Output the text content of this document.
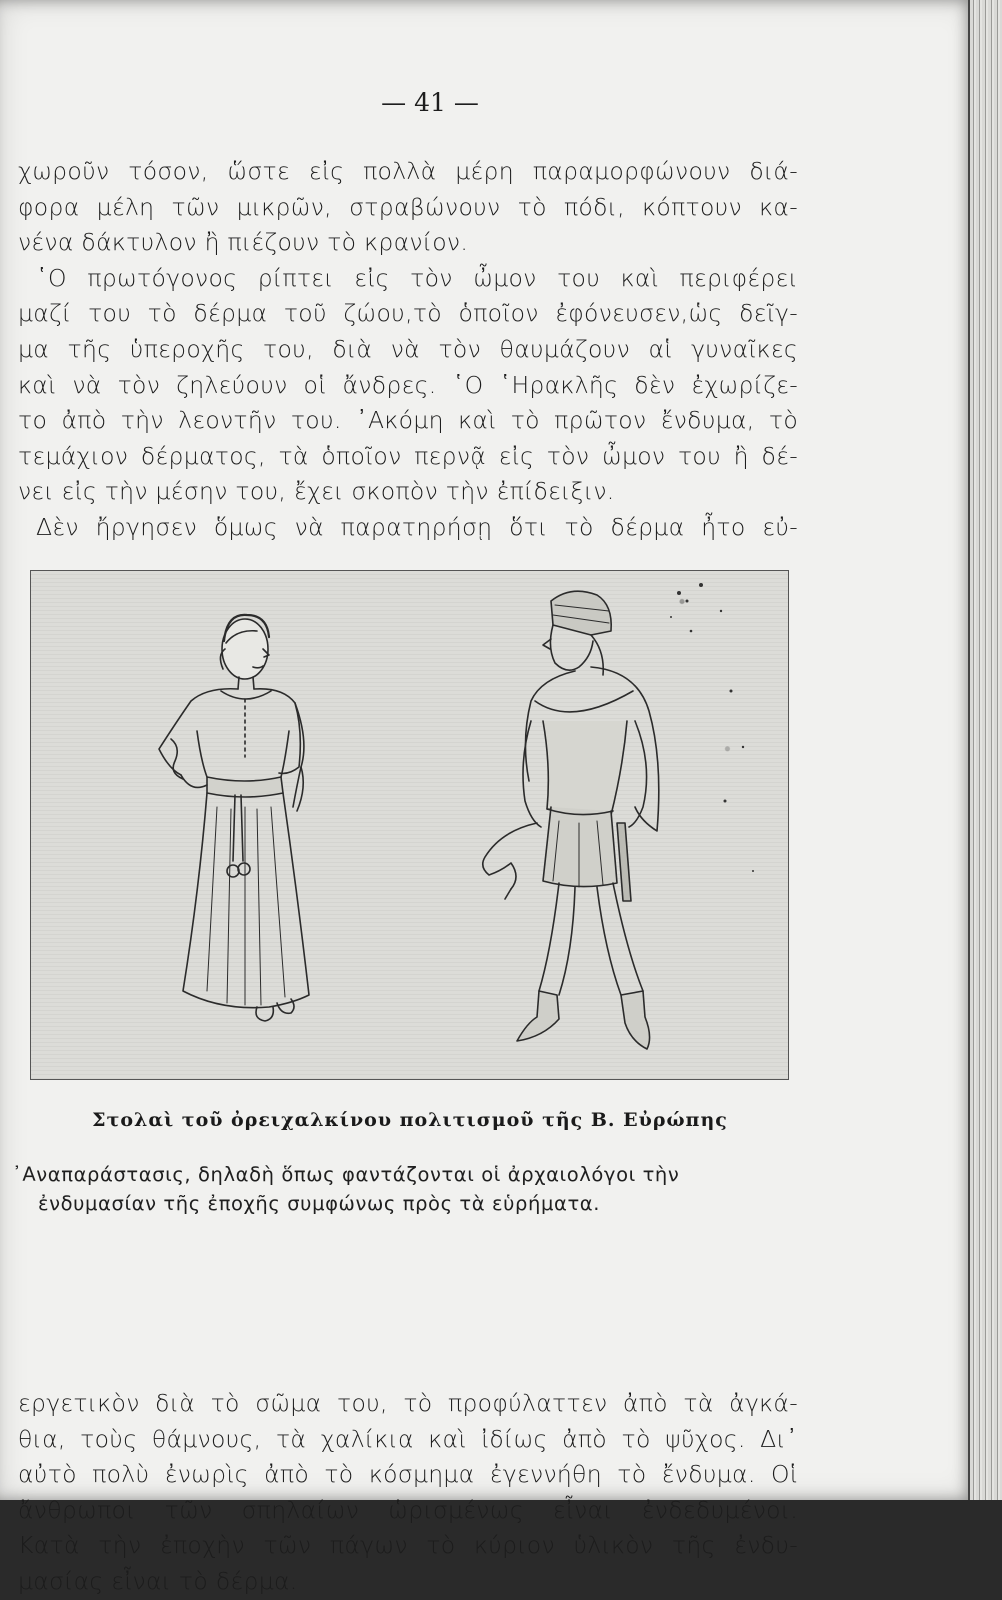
— 41 —
χωροῦν τόσον, ὥστε εἰς πολλὰ μέρη παραμορφώνουν διά-
φορα μέλη τῶν μικρῶν, στραβώνουν τὸ πόδι, κόπτουν κα-
νένα δάκτυλον ἢ πιέζουν τὸ κρανίον.
῾Ο πρωτόγονος ρίπτει εἰς τὸν ὦμον του καὶ περιφέρει
μαζί του τὸ δέρμα τοῦ ζώου,τὸ ὁποῖον ἐφόνευσεν,ὡς δεῖγ-
μα τῆς ὑπεροχῆς του, διὰ νὰ τὸν θαυμάζουν αἱ γυναῖκες
καὶ νὰ τὸν ζηλεύουν οἱ ἄνδρες. ῾Ο ῾Ηρακλῆς δὲν ἐχωρίζε-
το ἀπὸ τὴν λεοντῆν του. ᾿Ακόμη καὶ τὸ πρῶτον ἔνδυμα, τὸ
τεμάχιον δέρματος, τὰ ὁποῖον περνᾷ εἰς τὸν ὦμον του ἢ δέ-
νει εἰς τὴν μέσην του, ἔχει σκοπὸν τὴν ἐπίδειξιν.
Δὲν ἤργησεν ὅμως νὰ παρατηρήσῃ ὅτι τὸ δέρμα ἦτο εὐ-
Στολαὶ τοῦ ὀρειχαλκίνου πολιτισμοῦ τῆς Β. Εὐρώπης
᾿Αναπαράστασις, δηλαδὴ ὅπως φαντάζονται οἱ ἀρχαιολόγοι τὴν
ἐνδυμασίαν τῆς ἐποχῆς συμφώνως πρὸς τὰ εὑρήματα.
εργετικὸν διὰ τὸ σῶμα του, τὸ προφύλαττεν ἀπὸ τὰ ἀγκά-
θια, τοὺς θάμνους, τὰ χαλίκια καὶ ἰδίως ἀπὸ τὸ ψῦχος. Δι᾿
αὐτὸ πολὺ ἐνωρὶς ἀπὸ τὸ κόσμημα ἐγεννήθη τὸ ἔνδυμα. Οἱ
ἄνθρωποι τῶν σπηλαίων ὡρισμένως εἶναι ἐνδεδυμένοι.
Κατὰ τὴν ἐποχὴν τῶν πάγων τὸ κύριον ὑλικὸν τῆς ἐνδυ-
μασίας εἶναι τὸ δέρμα.
